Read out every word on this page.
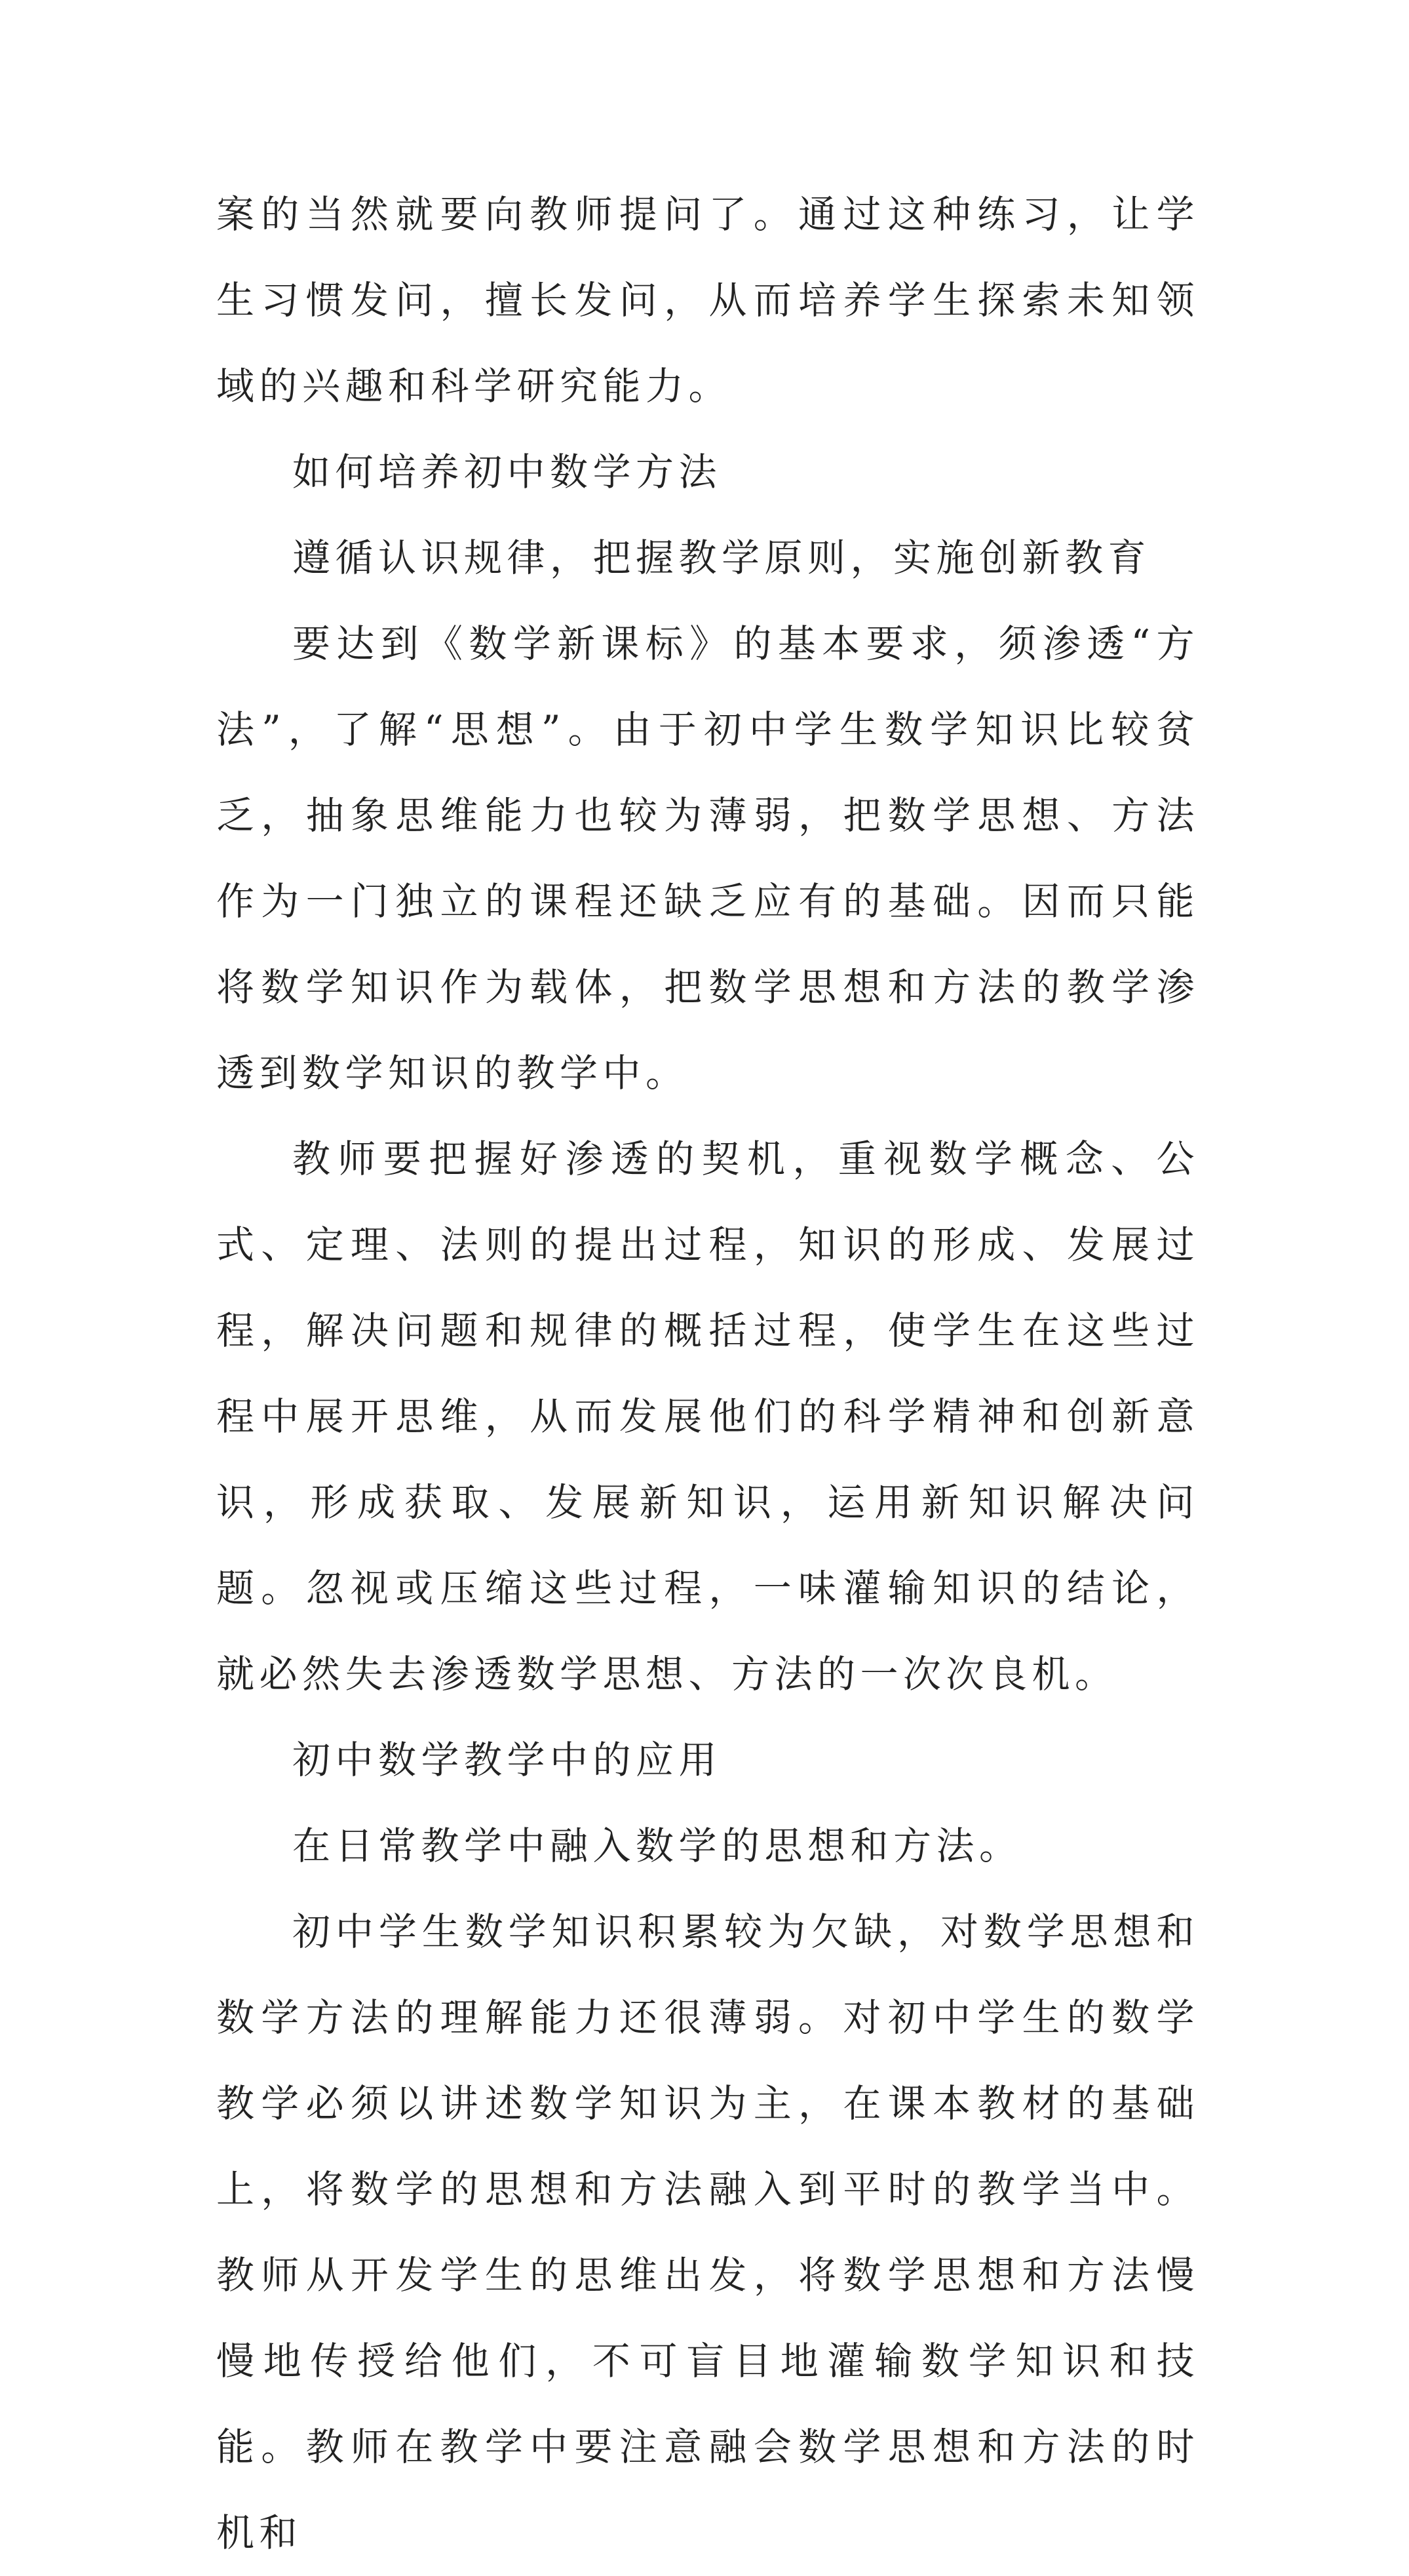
案的当然就要向教师提问了。通过这种练习，让学生习惯发问，擅长发问，从而培养学生探索未知领域的兴趣和科学研究能力。

如何培养初中数学方法

遵循认识规律，把握教学原则，实施创新教育

要达到《数学新课标》的基本要求，须渗透“方法”，了解“思想”。由于初中学生数学知识比较贫乏，抽象思维能力也较为薄弱，把数学思想、方法作为一门独立的课程还缺乏应有的基础。因而只能将数学知识作为载体，把数学思想和方法的教学渗透到数学知识的教学中。

教师要把握好渗透的契机，重视数学概念、公式、定理、法则的提出过程，知识的形成、发展过程，解决问题和规律的概括过程，使学生在这些过程中展开思维，从而发展他们的科学精神和创新意识，形成获取、发展新知识，运用新知识解决问题。忽视或压缩这些过程，一味灌输知识的结论，就必然失去渗透数学思想、方法的一次次良机。

初中数学教学中的应用

在日常教学中融入数学的思想和方法。

初中学生数学知识积累较为欠缺，对数学思想和数学方法的理解能力还很薄弱。对初中学生的数学教学必须以讲述数学知识为主，在课本教材的基础上，将数学的思想和方法融入到平时的教学当中。教师从开发学生的思维出发，将数学思想和方法慢慢地传授给他们，不可盲目地灌输数学知识和技能。教师在教学中要注意融会数学思想和方法的时机和
